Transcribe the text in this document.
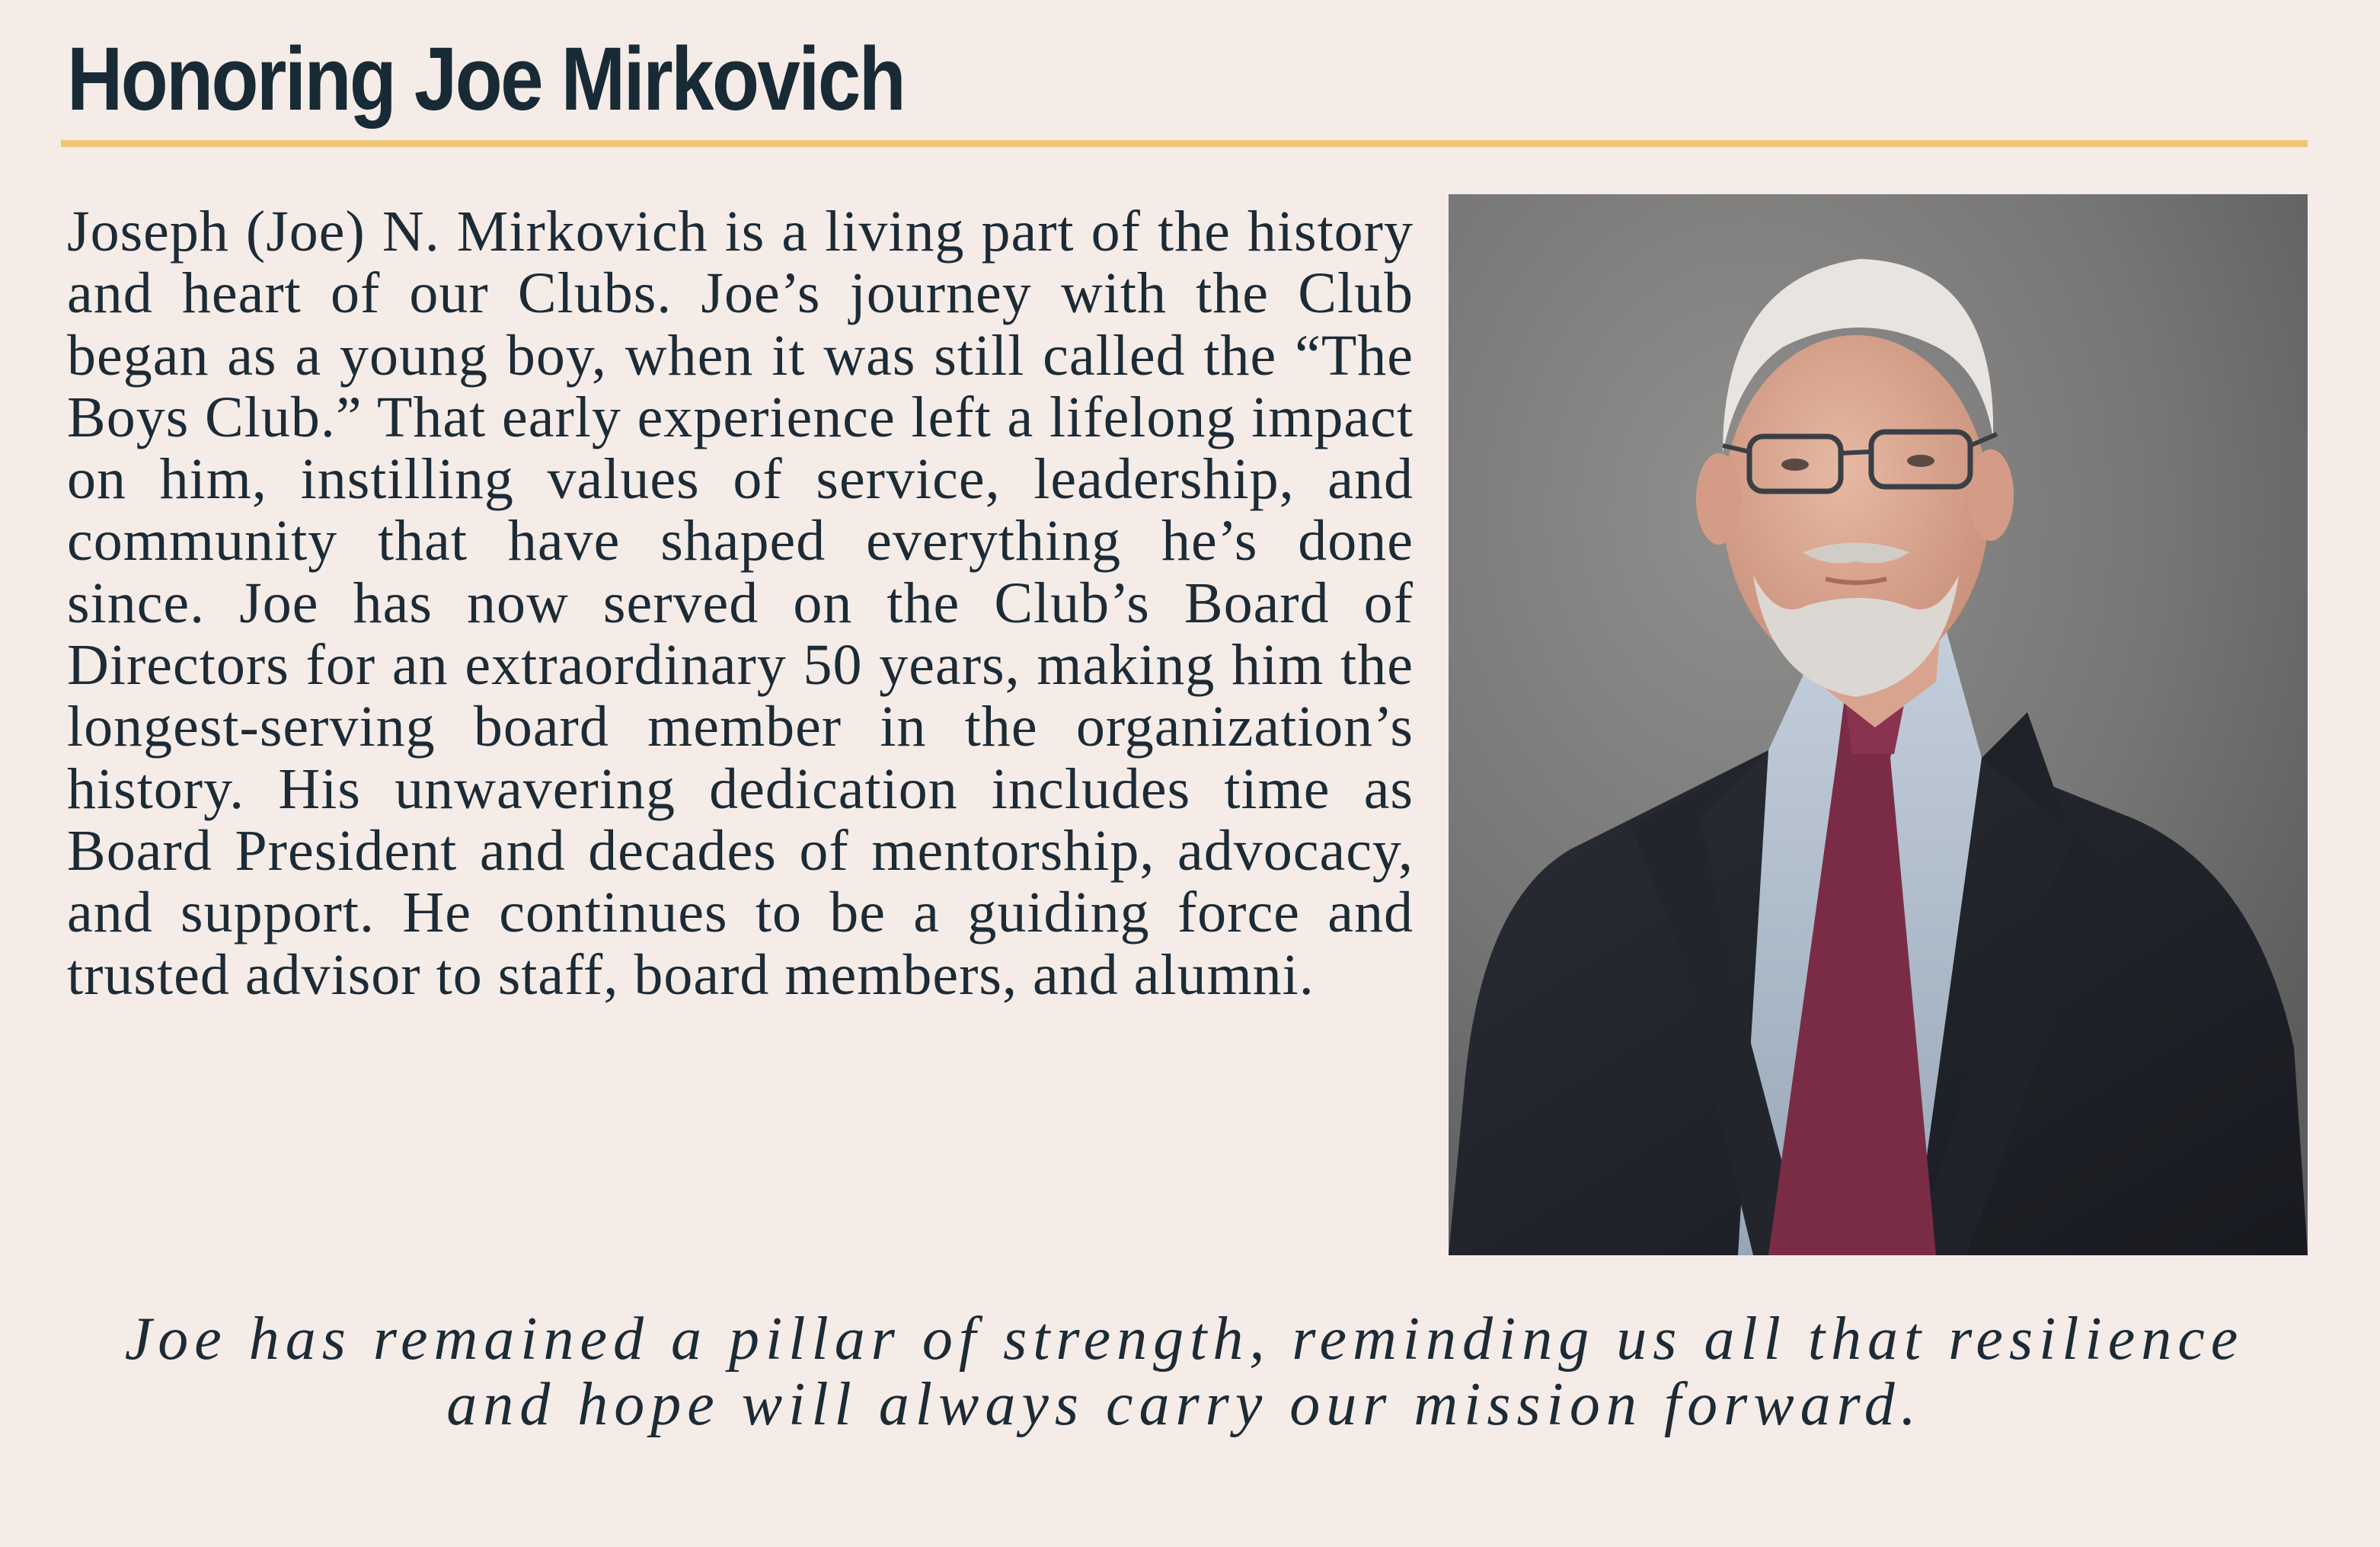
Honoring Joe Mirkovich

Joseph (Joe) N. Mirkovich is a living part of the history and heart of our Clubs. Joe’s journey with the Club began as a young boy, when it was still called the “The Boys Club.” That early experience left a lifelong impact on him, instilling values of service, leadership, and community that have shaped everything he’s done since. Joe has now served on the Club’s Board of Directors for an extraordinary 50 years, making him the longest-serving board member in the organization’s history. His unwavering dedication includes time as Board President and decades of mentorship, advocacy, and support. He continues to be a guiding force and trusted advisor to staff, board members, and alumni.

Joe has remained a pillar of strength, reminding us all that resilience and hope will always carry our mission forward.
